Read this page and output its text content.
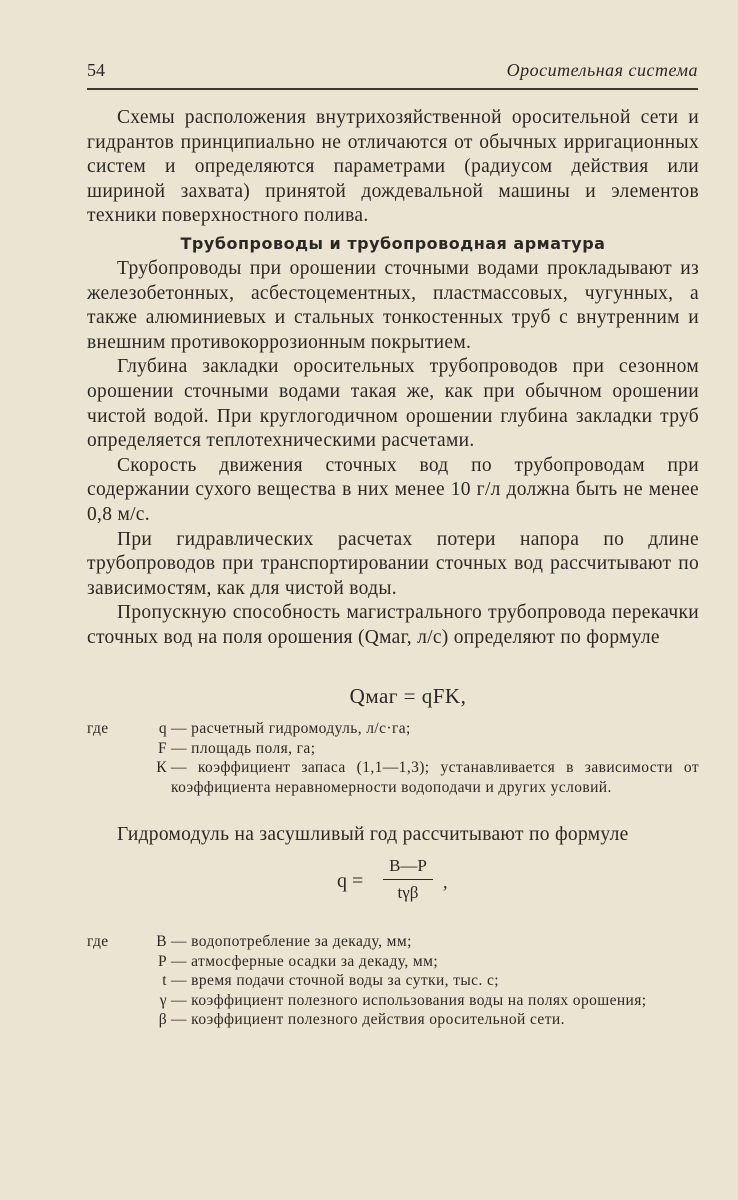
54	Оросительная система

Схемы расположения внутрихозяйственной оросительной сети и гидрантов принципиально не отличаются от обычных ирригационных систем и определяются параметрами (радиусом действия или шириной захвата) принятой дождевальной машины и элементов техники поверхностного полива.

Трубопроводы и трубопроводная арматура

Трубопроводы при орошении сточными водами прокладывают из железобетонных, асбестоцементных, пластмассовых, чугунных, а также алюминиевых и стальных тонкостенных труб с внутренним и внешним противокоррозионным покрытием.

Глубина закладки оросительных трубопроводов при сезонном орошении сточными водами такая же, как при обычном орошении чистой водой. При круглогодичном орошении глубина закладки труб определяется теплотехническими расчетами.

Скорость движения сточных вод по трубопроводам при содержании сухого вещества в них менее 10 г/л должна быть не менее 0,8 м/с.

При гидравлических расчетах потери напора по длине трубопроводов при транспортировании сточных вод рассчитывают по зависимостям, как для чистой воды.

Пропускную способность магистрального трубопровода перекачки сточных вод на поля орошения (Qмаг, л/с) определяют по формуле

Qмаг = qFK,
где	q — расчетный гидромодуль, л/с·га;
F — площадь поля, га;
К — коэффициент запаса (1,1—1,3); устанавливается в зависимости от коэффициента неравномерности водоподачи и других условий.

Гидромодуль на засушливый год рассчитывают по формуле

q =
B—P
tγβ
,
где	B — водопотребление за декаду, мм;
P — атмосферные осадки за декаду, мм;
t — время подачи сточной воды за сутки, тыс. с;
γ — коэффициент полезного использования воды на полях орошения;
β — коэффициент полезного действия оросительной сети.
